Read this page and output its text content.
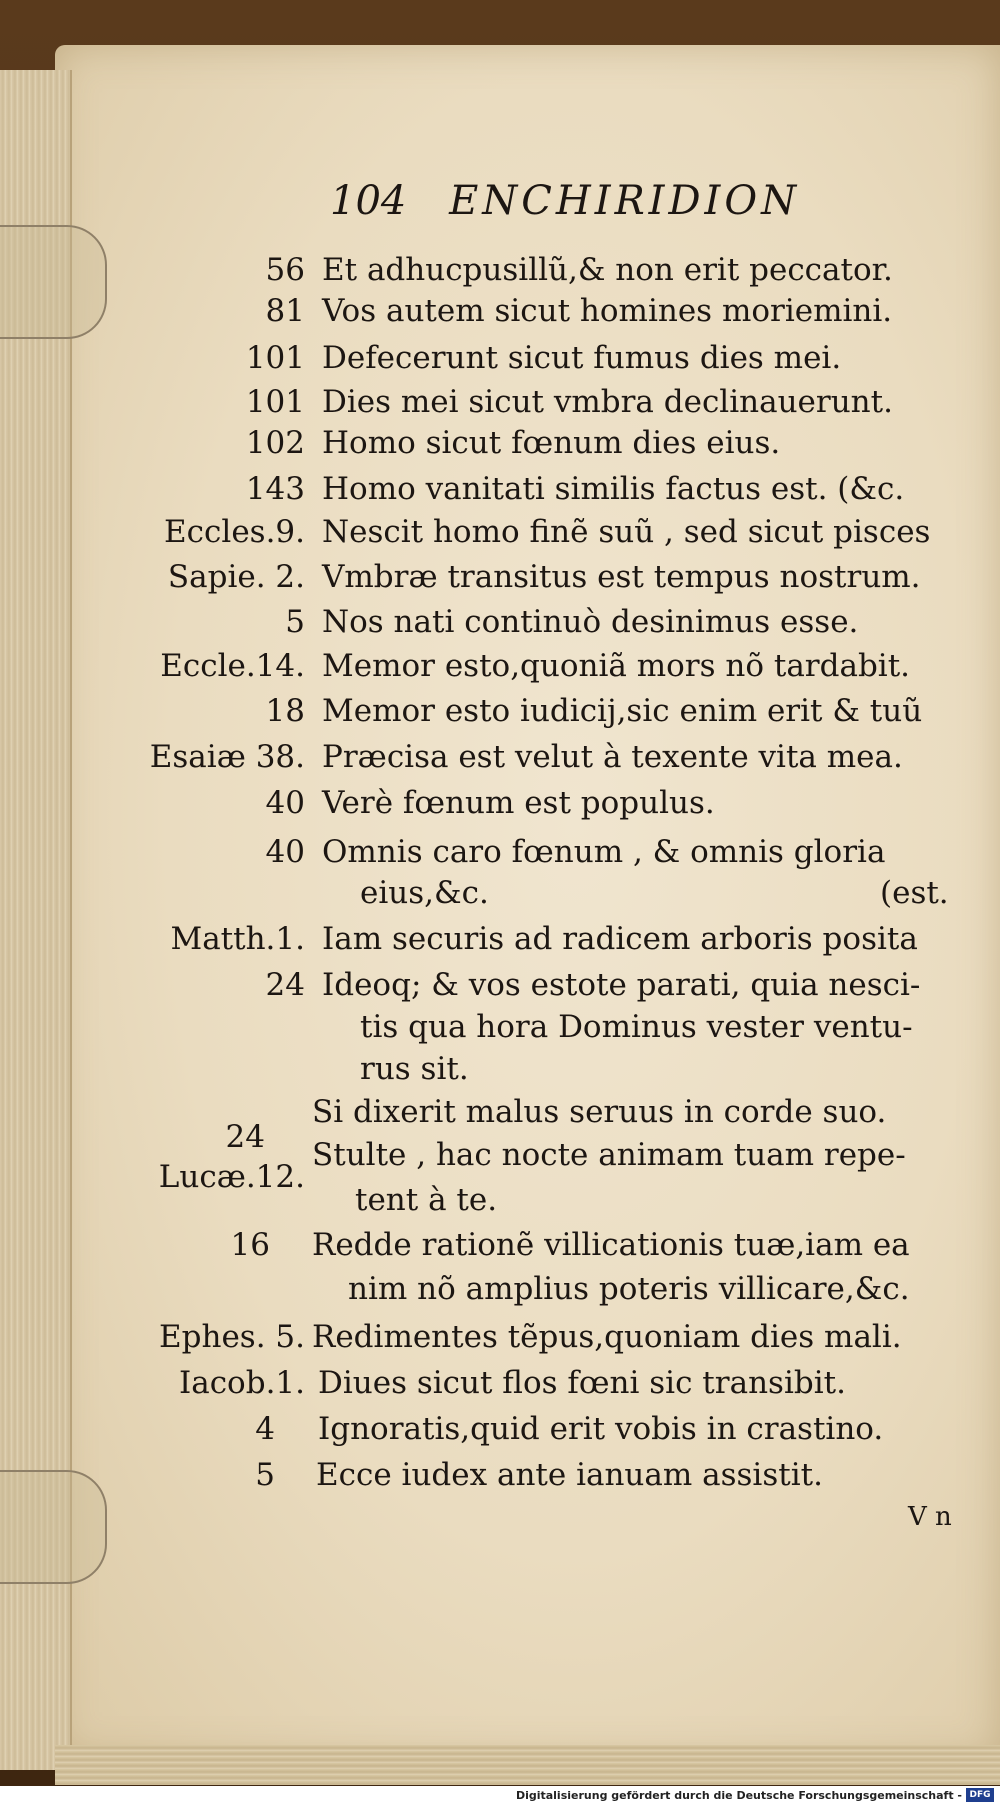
104 ENCHIRIDION
56 Et adhucpusillũ,& non erit peccator.
81 Vos autem sicut homines moriemini.
101 Defecerunt sicut fumus dies mei.
101 Dies mei sicut vmbra declinauerunt.
102 Homo sicut fœnum dies eius.
143 Homo vanitati similis factus est. (&c.
Eccles.9. Nescit homo finẽ suũ , sed sicut pisces
Sapie. 2. Vmbræ transitus est tempus nostrum.
5 Nos nati continuò desinimus esse.
Eccle.14. Memor esto,quoniã mors nõ tardabit.
18 Memor esto iudicij,sic enim erit & tuũ
Esaiæ 38. Præcisa est velut à texente vita mea.
40 Verè fœnum est populus.
40 Omnis caro fœnum , & omnis gloria
eius,&c.	(est.
Matth.1. Iam securis ad radicem arboris posita
24 Ideoq; & vos estote parati, quia nesci-
tis qua hora Dominus vester ventu-
rus sit.
Si dixerit malus seruus in corde suo.
24
Lucæ.12.
Stulte , hac nocte animam tuam repe-
tent à te.
16 Redde rationẽ villicationis tuæ,iam ea
nim nõ amplius poteris villicare,&c.
Ephes. 5. Redimentes tẽpus,quoniam dies mali.
Iacob.1. Diues sicut flos fœni sic transibit.
4 Ignoratis,quid erit vobis in crastino.
5 Ecce iudex ante ianuam assistit.
V n
Digitalisierung gefördert durch die Deutsche Forschungsgemeinschaft - DFG
